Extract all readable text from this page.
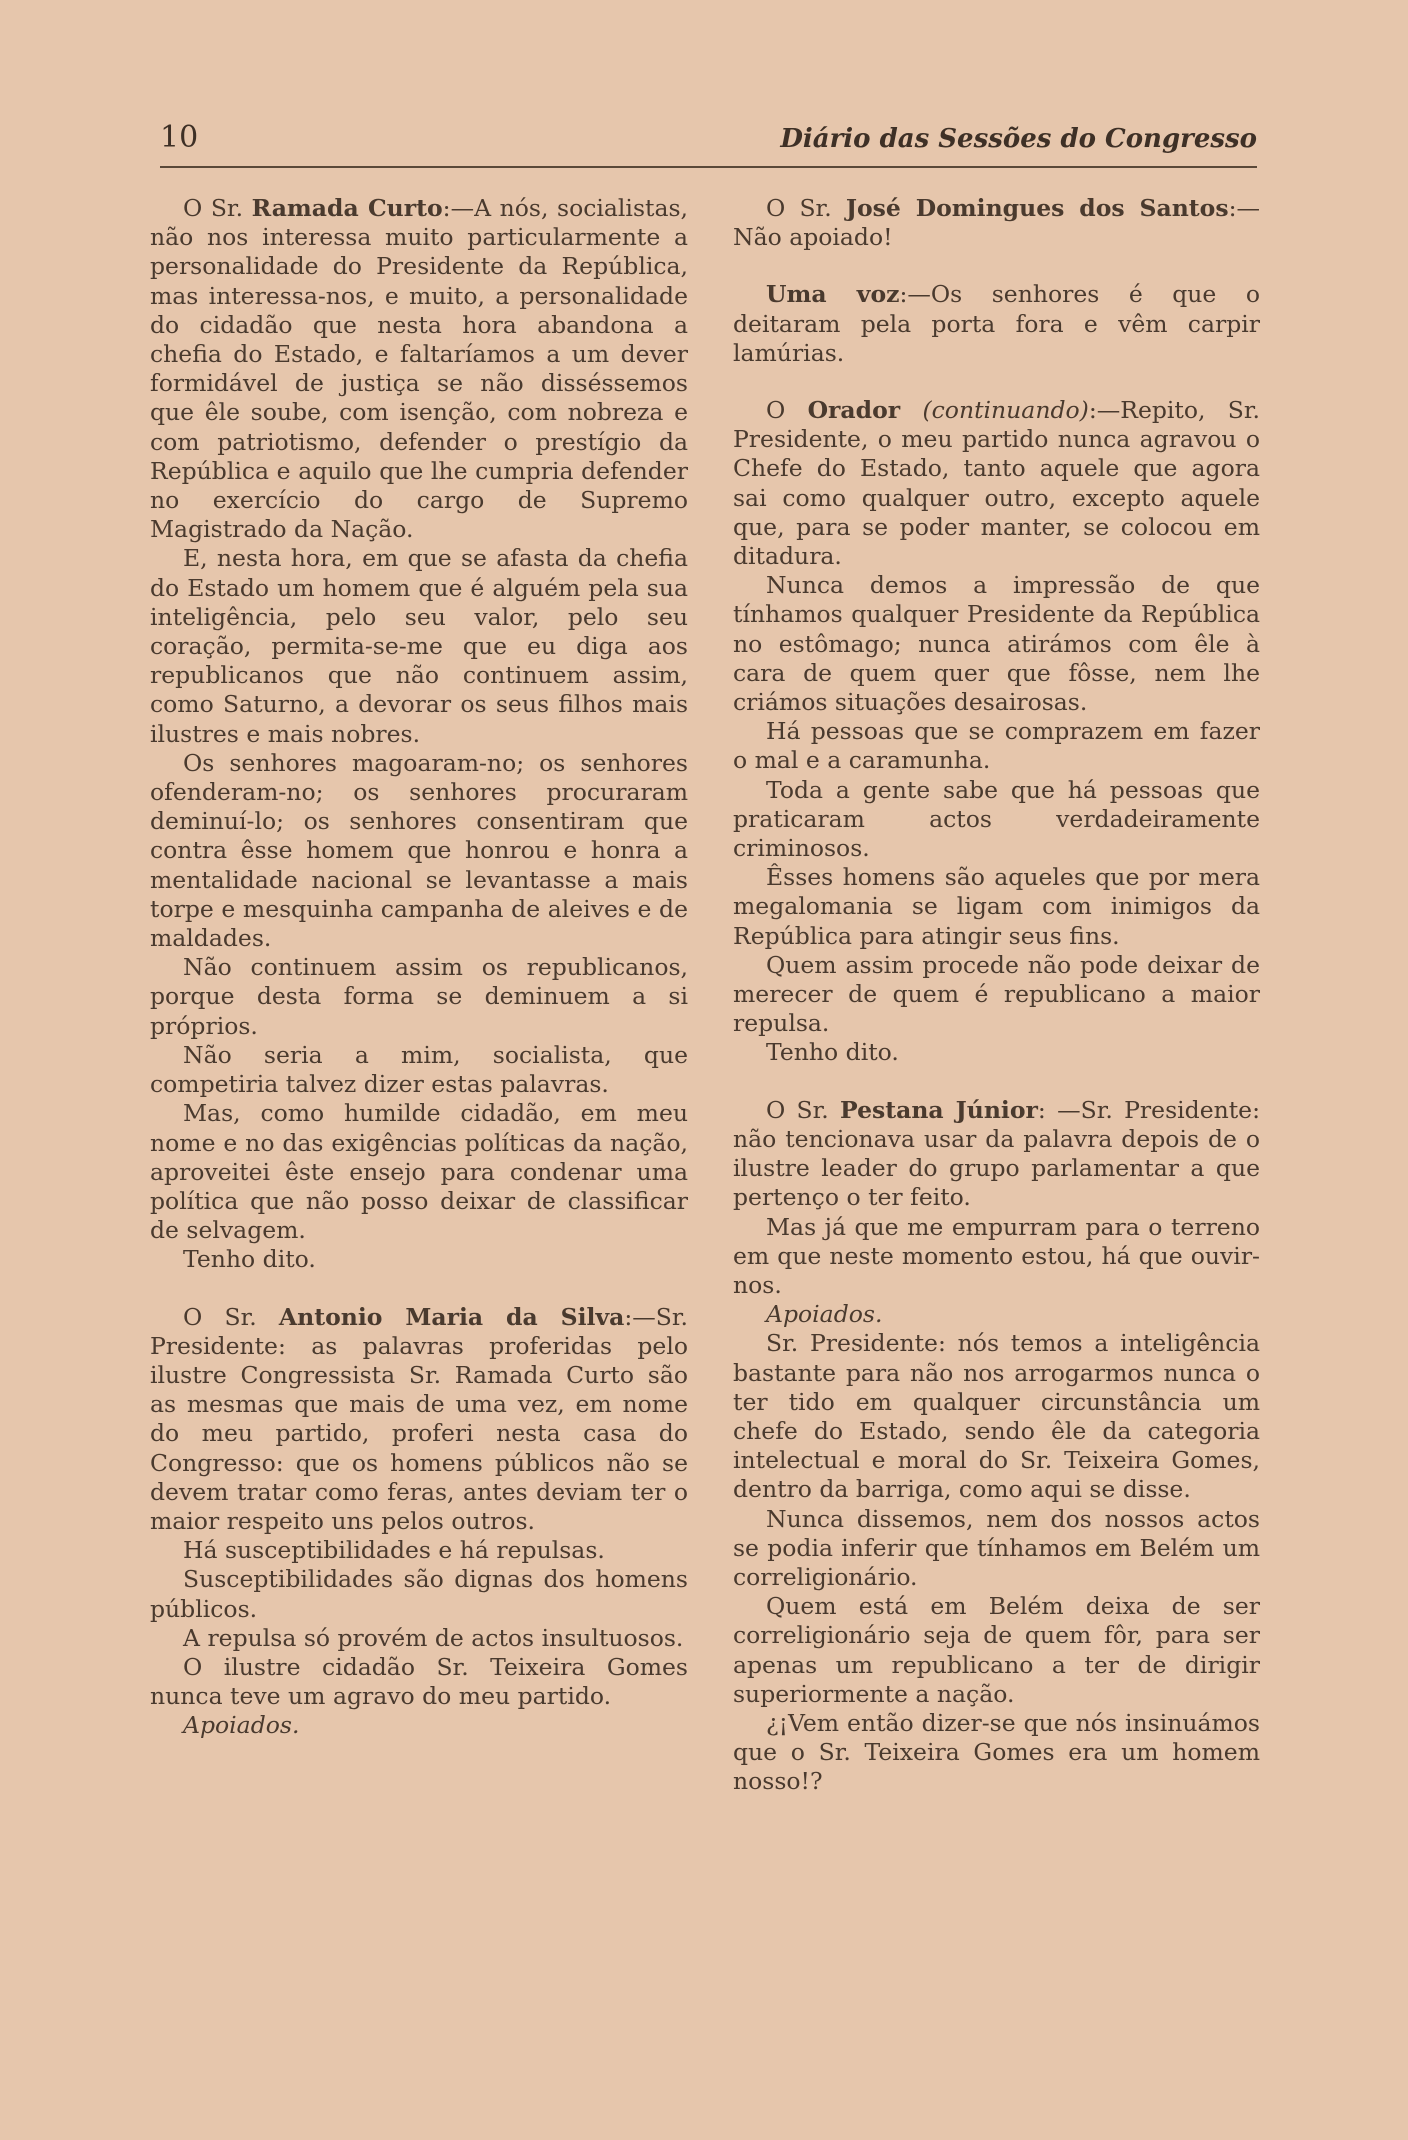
10	Diário das Sessões do Congresso

O Sr. Ramada Curto:—A nós, socialistas, não nos interessa muito particularmente a personalidade do Presidente da República, mas interessa-nos, e muito, a personalidade do cidadão que nesta hora abandona a chefia do Estado, e faltaríamos a um dever formidável de justiça se não disséssemos que êle soube, com isenção, com nobreza e com patriotismo, defender o prestígio da República e aquilo que lhe cumpria defender no exercício do cargo de Supremo Magistrado da Nação.

E, nesta hora, em que se afasta da chefia do Estado um homem que é alguém pela sua inteligência, pelo seu valor, pelo seu coração, permita-se-me que eu diga aos republicanos que não continuem assim, como Saturno, a devorar os seus filhos mais ilustres e mais nobres.

Os senhores magoaram-no; os senhores ofenderam-no; os senhores procuraram deminuí-lo; os senhores consentiram que contra êsse homem que honrou e honra a mentalidade nacional se levantasse a mais torpe e mesquinha campanha de aleives e de maldades.

Não continuem assim os republicanos, porque desta forma se deminuem a si próprios.

Não seria a mim, socialista, que competiria talvez dizer estas palavras.

Mas, como humilde cidadão, em meu nome e no das exigências políticas da nação, aproveitei êste ensejo para condenar uma política que não posso deixar de classificar de selvagem.

Tenho dito.

O Sr. Antonio Maria da Silva:—Sr. Presidente: as palavras proferidas pelo ilustre Congressista Sr. Ramada Curto são as mesmas que mais de uma vez, em nome do meu partido, proferi nesta casa do Congresso: que os homens públicos não se devem tratar como feras, antes deviam ter o maior respeito uns pelos outros.

Há susceptibilidades e há repulsas.

Susceptibilidades são dignas dos homens públicos.

A repulsa só provém de actos insultuosos.

O ilustre cidadão Sr. Teixeira Gomes nunca teve um agravo do meu partido.

Apoiados.

O Sr. José Domingues dos Santos:—Não apoiado!

Uma voz:—Os senhores é que o deitaram pela porta fora e vêm carpir lamúrias.

O Orador (continuando):—Repito, Sr. Presidente, o meu partido nunca agravou o Chefe do Estado, tanto aquele que agora sai como qualquer outro, excepto aquele que, para se poder manter, se colocou em ditadura.

Nunca demos a impressão de que tínhamos qualquer Presidente da República no estômago; nunca atirámos com êle à cara de quem quer que fôsse, nem lhe criámos situações desairosas.

Há pessoas que se comprazem em fazer o mal e a caramunha.

Toda a gente sabe que há pessoas que praticaram actos verdadeiramente criminosos.

Êsses homens são aqueles que por mera megalomania se ligam com inimigos da República para atingir seus fins.

Quem assim procede não pode deixar de merecer de quem é republicano a maior repulsa.

Tenho dito.

O Sr. Pestana Júnior: —Sr. Presidente: não tencionava usar da palavra depois de o ilustre leader do grupo parlamentar a que pertenço o ter feito.

Mas já que me empurram para o terreno em que neste momento estou, há que ouvir-nos.

Apoiados.

Sr. Presidente: nós temos a inteligência bastante para não nos arrogarmos nunca o ter tido em qualquer circunstância um chefe do Estado, sendo êle da categoria intelectual e moral do Sr. Teixeira Gomes, dentro da barriga, como aqui se disse.

Nunca dissemos, nem dos nossos actos se podia inferir que tínhamos em Belém um correligionário.

Quem está em Belém deixa de ser correligionário seja de quem fôr, para ser apenas um republicano a ter de dirigir superiormente a nação.

¿¡Vem então dizer-se que nós insinuámos que o Sr. Teixeira Gomes era um homem nosso!?
